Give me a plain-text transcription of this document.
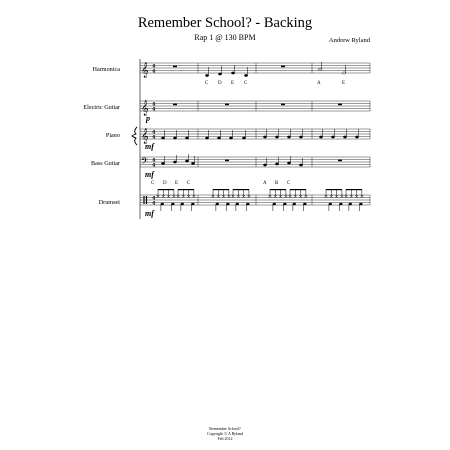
Remember School? - Backing
Rap 1 @ 130 BPM	Andrew Ryland
Harmonica
Electric Guitar
Piano
Bass Guitar
Drumset
𝄞
𝄞
𝄞
𝄢
4
4
4
4
4
4
4
4
4
4
C D E C	A	E
p
mf
mf
C D E C	A B C
mf
Remember School?
Copyright © A Ryland
Feb 2012
